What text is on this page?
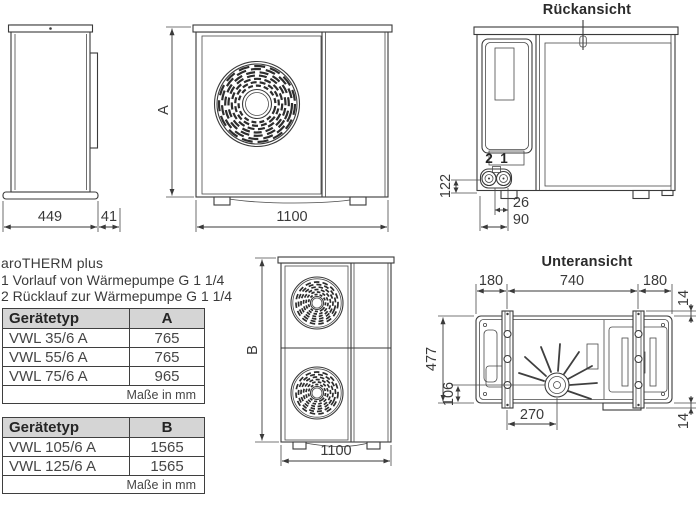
449	41
A
1100
2 1
122
26
90
B
1100
180	740	180
477
106
270
14
14
Rückansicht
Unteransicht
aroTHERM plus
1 Vorlauf von Wärmepumpe G 1 1/4
2 Rücklauf zur Wärmepumpe G 1 1/4
Gerätetyp	A
VWL 35/6 A	765
VWL 55/6 A	765
VWL 75/6 A	965
Maße in mm
Gerätetyp	B
VWL 105/6 A	1565
VWL 125/6 A	1565
Maße in mm
